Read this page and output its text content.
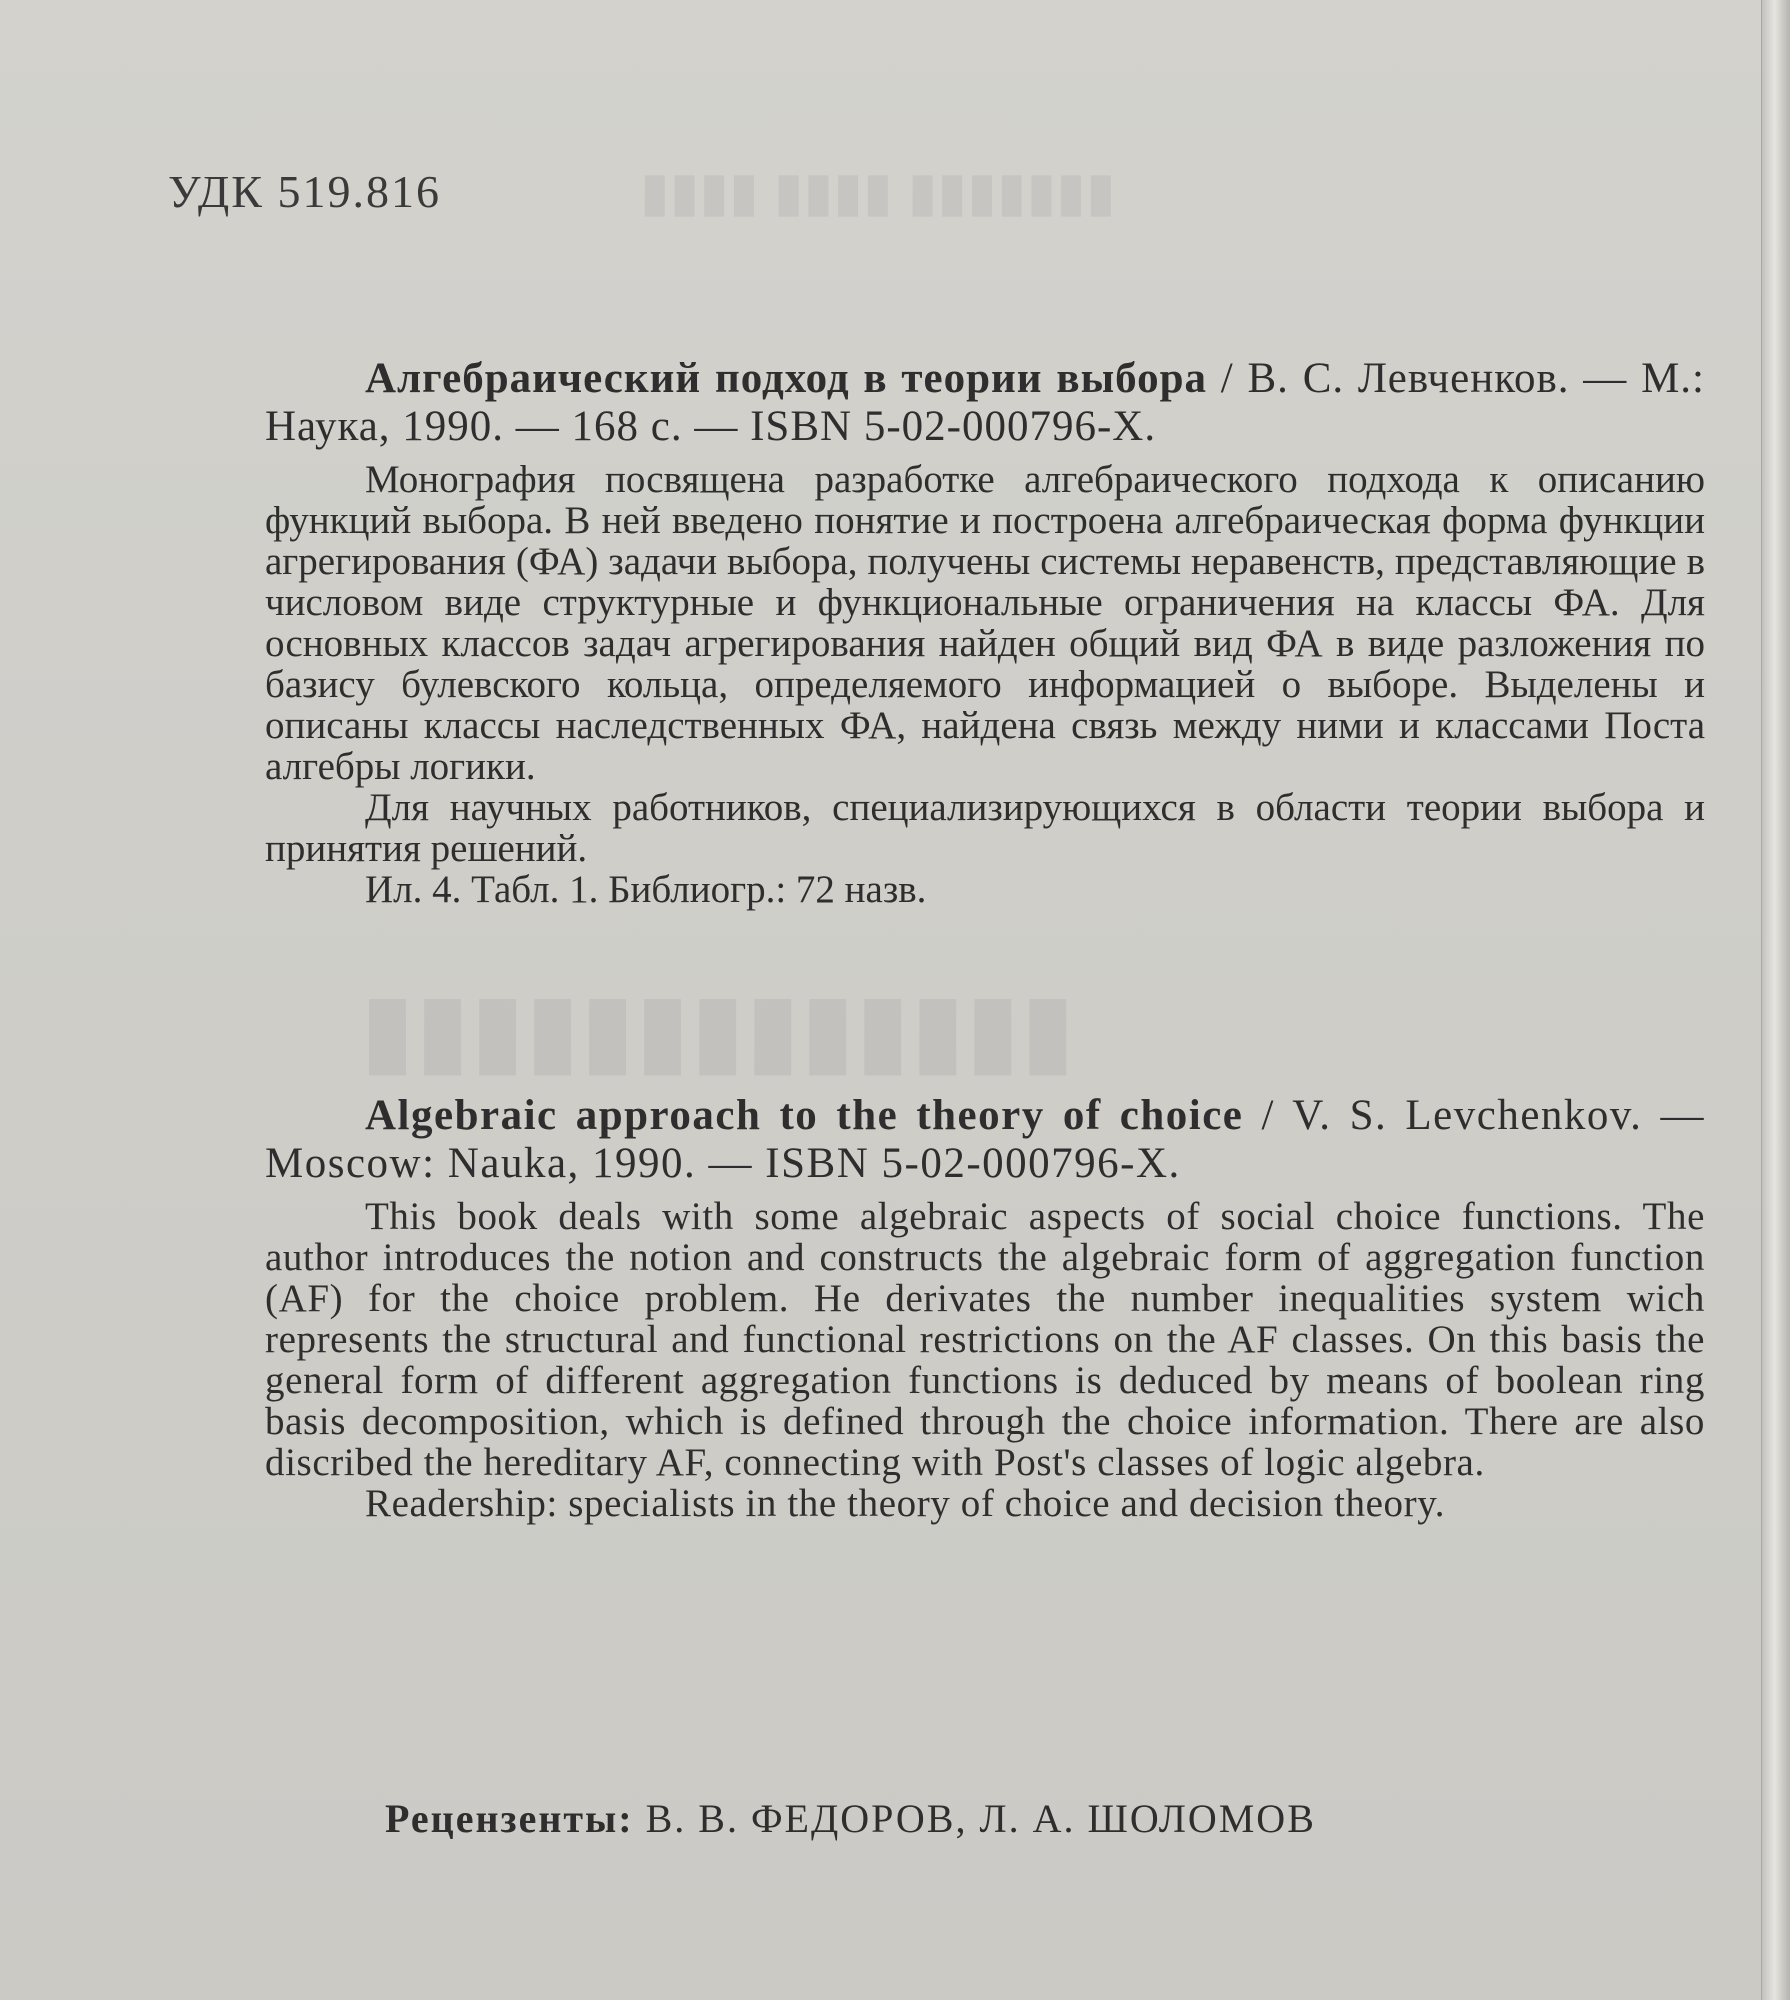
▮▮▮▮▮▮▮ ▮▮▮▮ ▮▮▮▮
▮▮▮▮▮▮▮▮▮▮▮▮▮
УДК 519.816
Алгебраический подход в теории выбора / В. С. Левченков. — М.: Наука, 1990. — 168 с. — ISBN 5-02-000796-X.

Монография посвящена разработке алгебраического подхода к описанию функций выбора. В ней введено понятие и построена алгебраическая форма функции агрегирования (ФА) задачи выбора, получены системы неравенств, представляющие в числовом виде структурные и функциональные ограничения на классы ФА. Для основных классов задач агрегирования найден общий вид ФА в виде разложения по базису булевского кольца, определяемого информацией о выборе. Выделены и описаны классы наследственных ФА, найдена связь между ними и классами Поста алгебры логики.

Для научных работников, специализирующихся в области теории выбора и принятия решений.

Ил. 4. Табл. 1. Библиогр.: 72 назв.

Algebraic approach to the theory of choice / V. S. Levchenkov. — Moscow: Nauka, 1990. — ISBN 5-02-000796-X.

This book deals with some algebraic aspects of social choice functions. The author introduces the notion and constructs the algebraic form of aggregation function (AF) for the choice problem. He derivates the number inequalities system wich represents the structural and functional restrictions on the AF classes. On this basis the general form of different aggregation functions is deduced by means of boolean ring basis decomposition, which is defined through the choice information. There are also discribed the hereditary AF, connecting with Post's classes of logic algebra.

Readership: specialists in the theory of choice and decision theory.

Рецензенты: В. В. ФЕДОРОВ, Л. А. ШОЛОМОВ
